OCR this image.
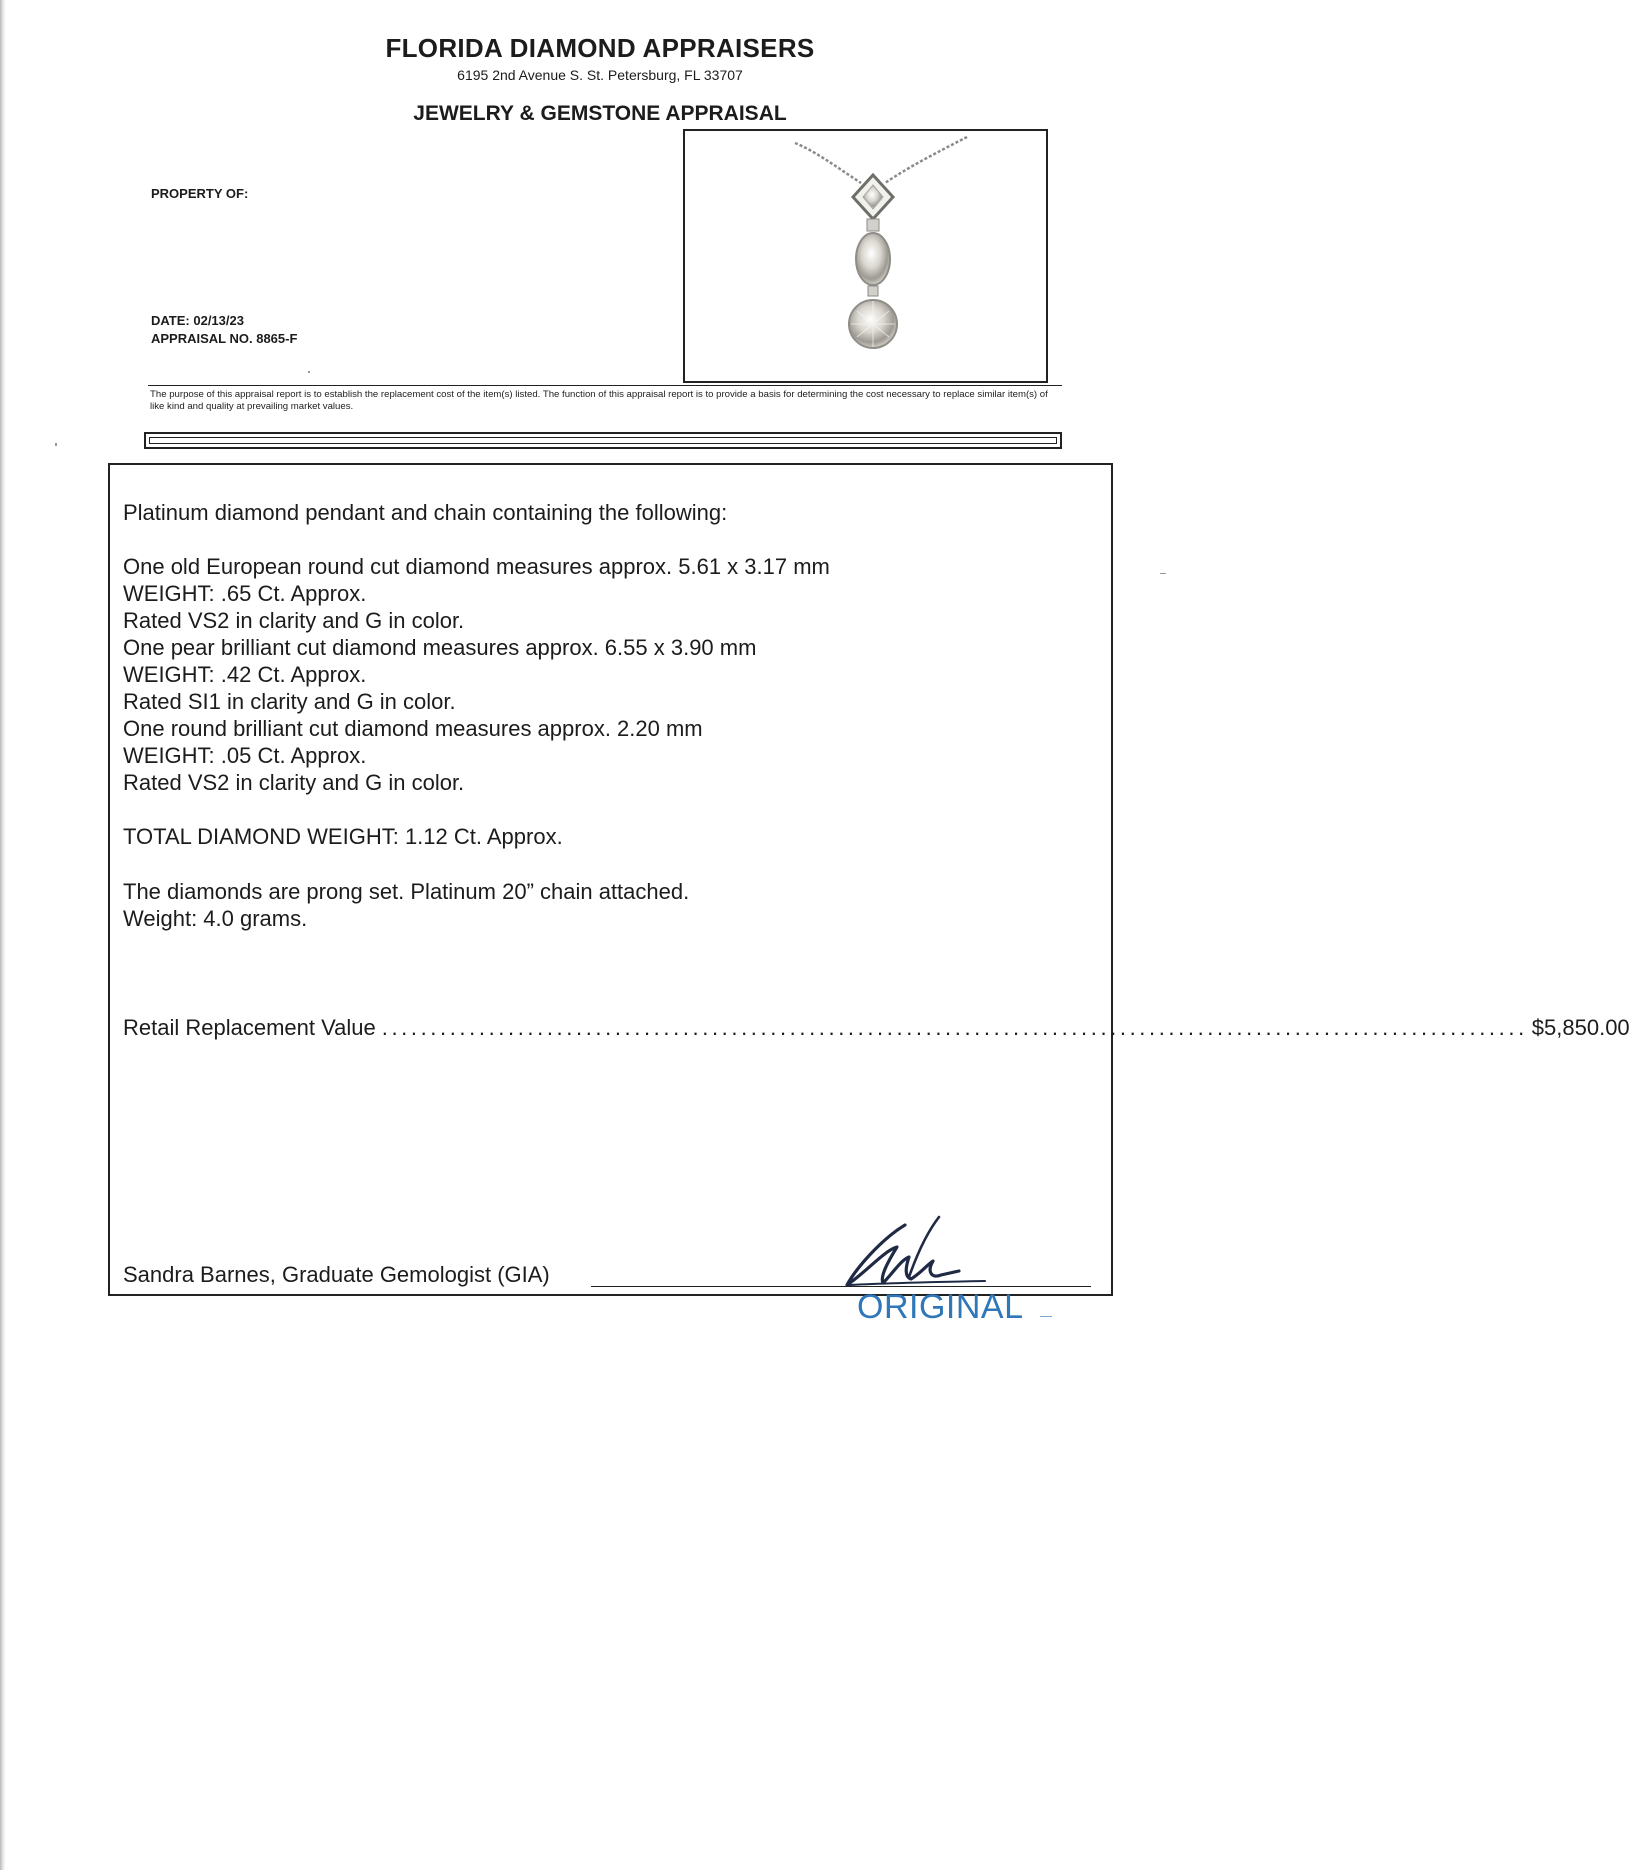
FLORIDA DIAMOND APPRAISERS
6195 2nd Avenue S. St. Petersburg, FL 33707
JEWELRY & GEMSTONE APPRAISAL
PROPERTY OF:
DATE: 02/13/23
APPRAISAL NO. 8865-F
The purpose of this appraisal report is to establish the replacement cost of the item(s) listed. The function of this appraisal report is to provide a basis for determining the cost necessary to replace similar item(s) of like kind and quality at prevailing market values.
Platinum diamond pendant and chain containing the following:
One old European round cut diamond measures approx. 5.61 x 3.17 mm
WEIGHT: .65 Ct. Approx.
Rated VS2 in clarity and G in color.
One pear brilliant cut diamond measures approx. 6.55 x 3.90 mm
WEIGHT: .42 Ct. Approx.
Rated SI1 in clarity and G in color.
One round brilliant cut diamond measures approx. 2.20 mm
WEIGHT: .05 Ct. Approx.
Rated VS2 in clarity and G in color.
TOTAL DIAMOND WEIGHT: 1.12 Ct. Approx.
The diamonds are prong set. Platinum 20” chain attached.
Weight: 4.0 grams.
Retail Replacement Value ...................................................................................................................... $5,850.00
Sandra Barnes, Graduate Gemologist (GIA)
ORIGINAL
